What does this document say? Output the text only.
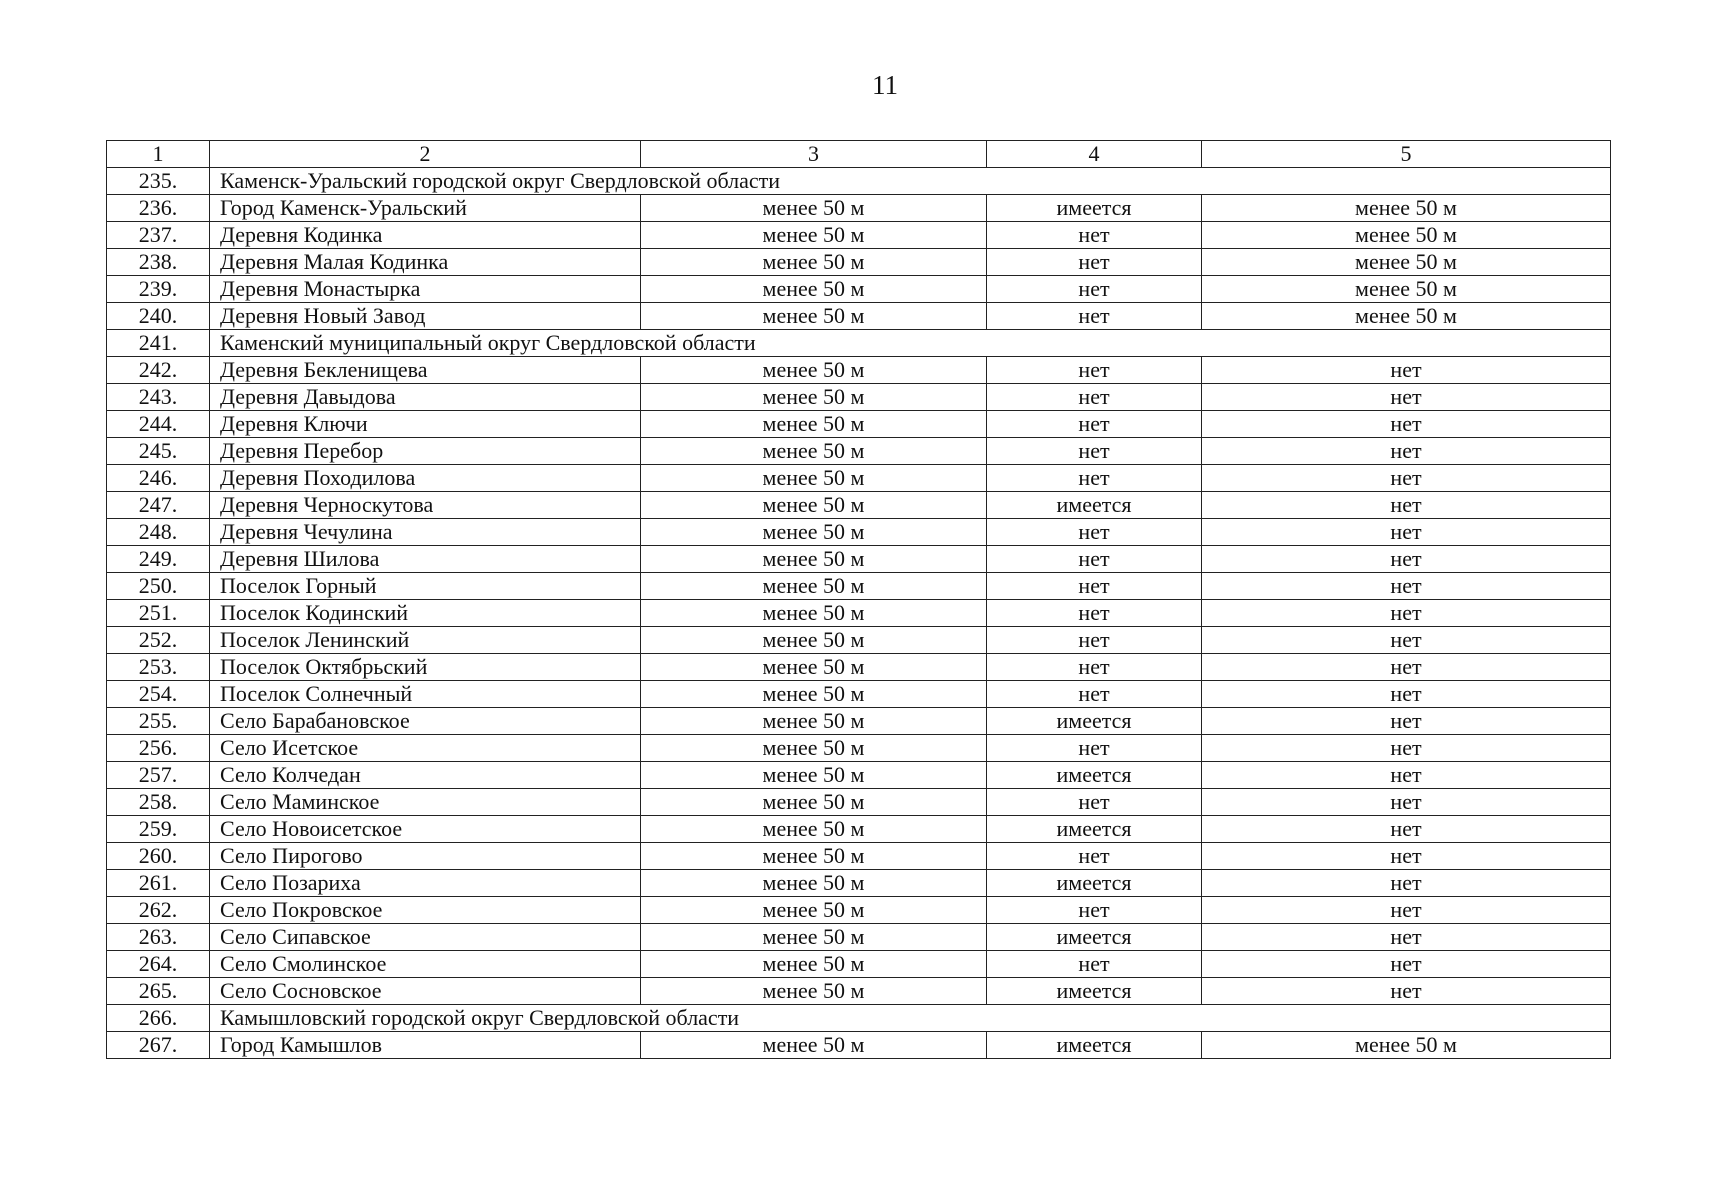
11
1	2	3	4	5
235.	Каменск-Уральский городской округ Свердловской области			
236.	Город Каменск-Уральский	менее 50 м	имеется	менее 50 м
237.	Деревня Кодинка	менее 50 м	нет	менее 50 м
238.	Деревня Малая Кодинка	менее 50 м	нет	менее 50 м
239.	Деревня Монастырка	менее 50 м	нет	менее 50 м
240.	Деревня Новый Завод	менее 50 м	нет	менее 50 м
241.	Каменский муниципальный округ Свердловской области			
242.	Деревня Бекленищева	менее 50 м	нет	нет
243.	Деревня Давыдова	менее 50 м	нет	нет
244.	Деревня Ключи	менее 50 м	нет	нет
245.	Деревня Перебор	менее 50 м	нет	нет
246.	Деревня Походилова	менее 50 м	нет	нет
247.	Деревня Черноскутова	менее 50 м	имеется	нет
248.	Деревня Чечулина	менее 50 м	нет	нет
249.	Деревня Шилова	менее 50 м	нет	нет
250.	Поселок Горный	менее 50 м	нет	нет
251.	Поселок Кодинский	менее 50 м	нет	нет
252.	Поселок Ленинский	менее 50 м	нет	нет
253.	Поселок Октябрьский	менее 50 м	нет	нет
254.	Поселок Солнечный	менее 50 м	нет	нет
255.	Село Барабановское	менее 50 м	имеется	нет
256.	Село Исетское	менее 50 м	нет	нет
257.	Село Колчедан	менее 50 м	имеется	нет
258.	Село Маминское	менее 50 м	нет	нет
259.	Село Новоисетское	менее 50 м	имеется	нет
260.	Село Пирогово	менее 50 м	нет	нет
261.	Село Позариха	менее 50 м	имеется	нет
262.	Село Покровское	менее 50 м	нет	нет
263.	Село Сипавское	менее 50 м	имеется	нет
264.	Село Смолинское	менее 50 м	нет	нет
265.	Село Сосновское	менее 50 м	имеется	нет
266.	Камышловский городской округ Свердловской области			
267.	Город Камышлов	менее 50 м	имеется	менее 50 м
